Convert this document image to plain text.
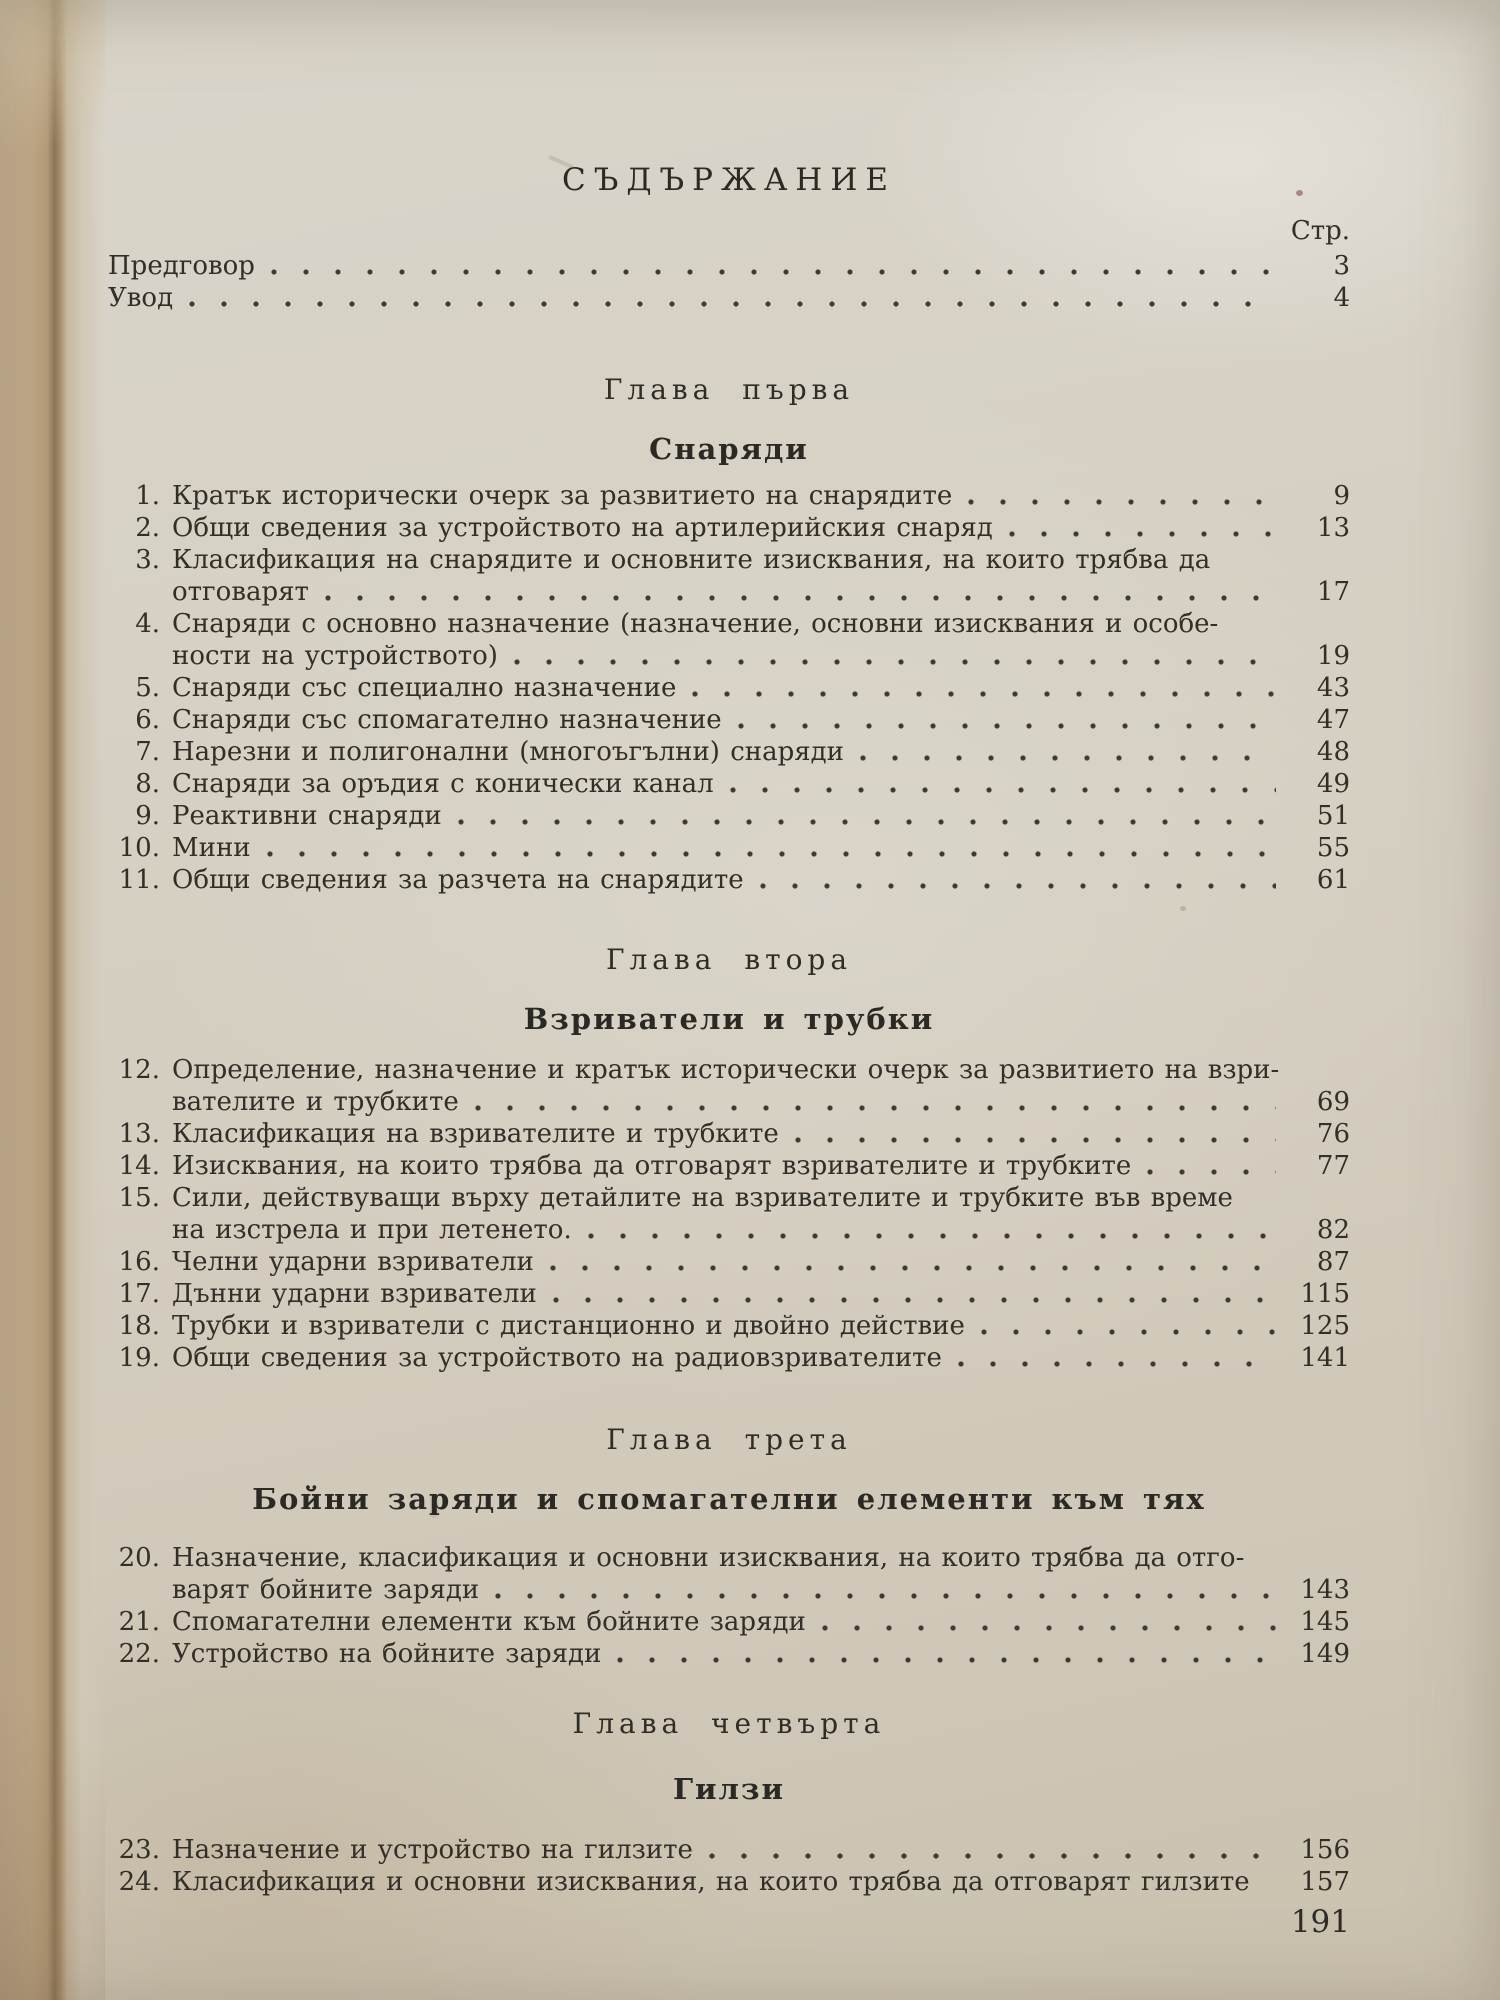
СЪДЪРЖАНИЕ
Стр.
Предговор	3
Увод	4
Глава първа
Снаряди
1. Кратък исторически очерк за развитието на снарядите	9
2. Общи сведения за устройството на артилерийския снаряд	13
3. Класификация на снарядите и основните изисквания, на които трябва да
отговарят	17
4. Снаряди с основно назначение (назначение, основни изисквания и особе-
ности на устройството)	19
5. Снаряди със специално назначение	43
6. Снаряди със спомагателно назначение	47
7. Нарезни и полигонални (многоъгълни) снаряди	48
8. Снаряди за оръдия с конически канал	49
9. Реактивни снаряди	51
10. Мини	55
11. Общи сведения за разчета на снарядите	61
Глава втора
Взриватели и трубки
12. Определение, назначение и кратък исторически очерк за развитието на взри-
вателите и трубките	69
13. Класификация на взривателите и трубките	76
14. Изисквания, на които трябва да отговарят взривателите и трубките	77
15. Сили, действуващи върху детайлите на взривателите и трубките във време
на изстрела и при летенето.	82
16. Челни ударни взриватели	87
17. Дънни ударни взриватели	115
18. Трубки и взриватели с дистанционно и двойно действие	125
19. Общи сведения за устройството на радиовзривателите	141
Глава трета
Бойни заряди и спомагателни елементи към тях
20. Назначение, класификация и основни изисквания, на които трябва да отго-
варят бойните заряди	143
21. Спомагателни елементи към бойните заряди	145
22. Устройство на бойните заряди	149
Глава четвърта
Гилзи
23. Назначение и устройство на гилзите	156
24. Класификация и основни изисквания, на които трябва да отговарят гилзите	157
191
